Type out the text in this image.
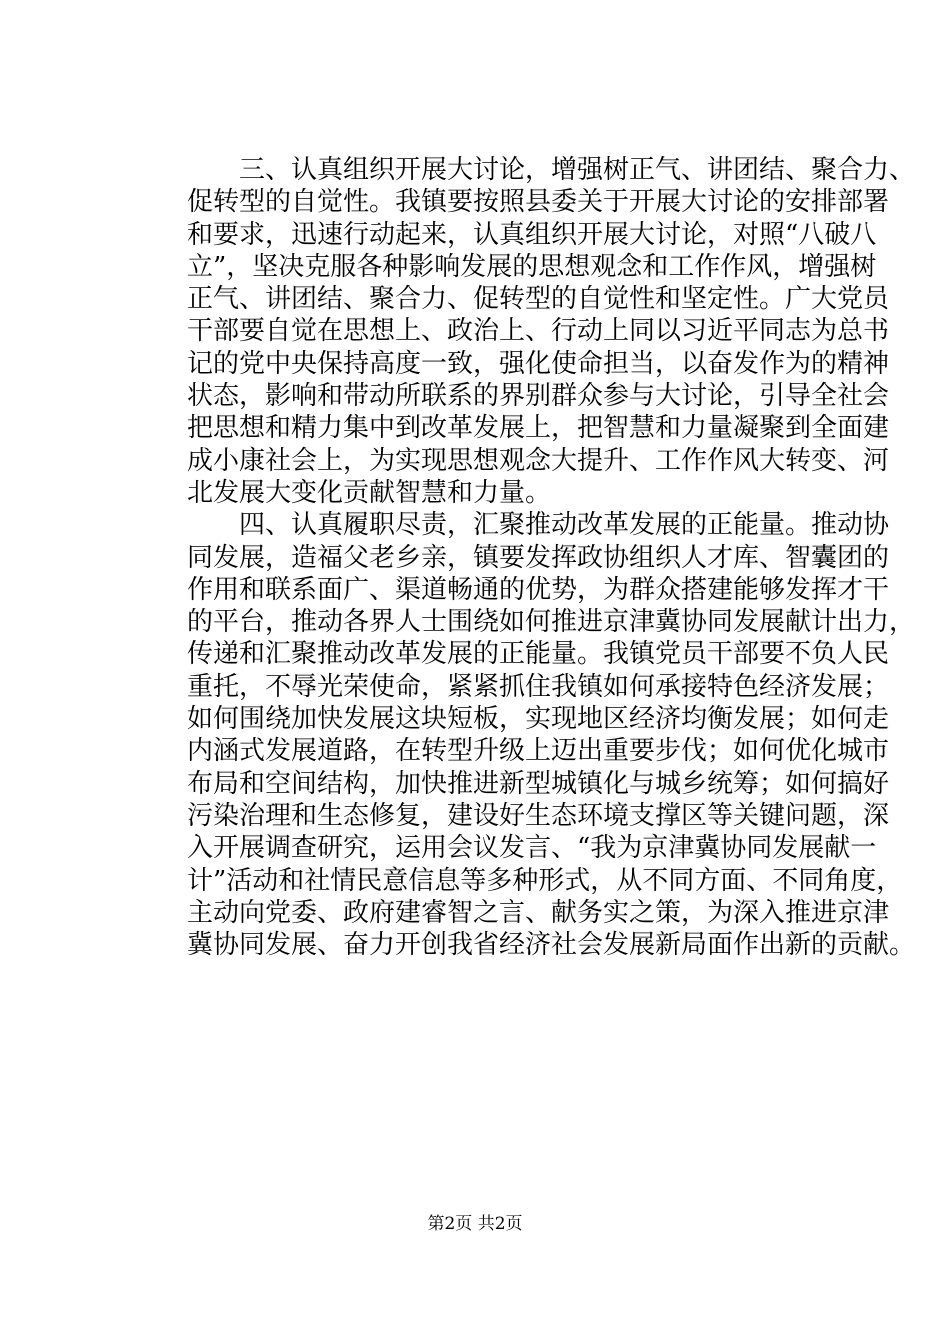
三、认真组织开展大讨论，增强树正气、讲团结、聚合力、
促转型的自觉性。我镇要按照县委关于开展大讨论的安排部署
和要求，迅速行动起来，认真组织开展大讨论，对照“八破八
立”，坚决克服各种影响发展的思想观念和工作作风，增强树
正气、讲团结、聚合力、促转型的自觉性和坚定性。广大党员
干部要自觉在思想上、政治上、行动上同以习近平同志为总书
记的党中央保持高度一致，强化使命担当，以奋发作为的精神
状态，影响和带动所联系的界别群众参与大讨论，引导全社会
把思想和精力集中到改革发展上，把智慧和力量凝聚到全面建
成小康社会上，为实现思想观念大提升、工作作风大转变、河
北发展大变化贡献智慧和力量。
四、认真履职尽责，汇聚推动改革发展的正能量。推动协
同发展，造福父老乡亲，镇要发挥政协组织人才库、智囊团的
作用和联系面广、渠道畅通的优势，为群众搭建能够发挥才干
的平台，推动各界人士围绕如何推进京津冀协同发展献计出力，
传递和汇聚推动改革发展的正能量。我镇党员干部要不负人民
重托，不辱光荣使命，紧紧抓住我镇如何承接特色经济发展；
如何围绕加快发展这块短板，实现地区经济均衡发展；如何走
内涵式发展道路，在转型升级上迈出重要步伐；如何优化城市
布局和空间结构，加快推进新型城镇化与城乡统筹；如何搞好
污染治理和生态修复，建设好生态环境支撑区等关键问题，深
入开展调查研究，运用会议发言、“我为京津冀协同发展献一
计”活动和社情民意信息等多种形式，从不同方面、不同角度，
主动向党委、政府建睿智之言、献务实之策，为深入推进京津
冀协同发展、奋力开创我省经济社会发展新局面作出新的贡献。
第2页 共2页
